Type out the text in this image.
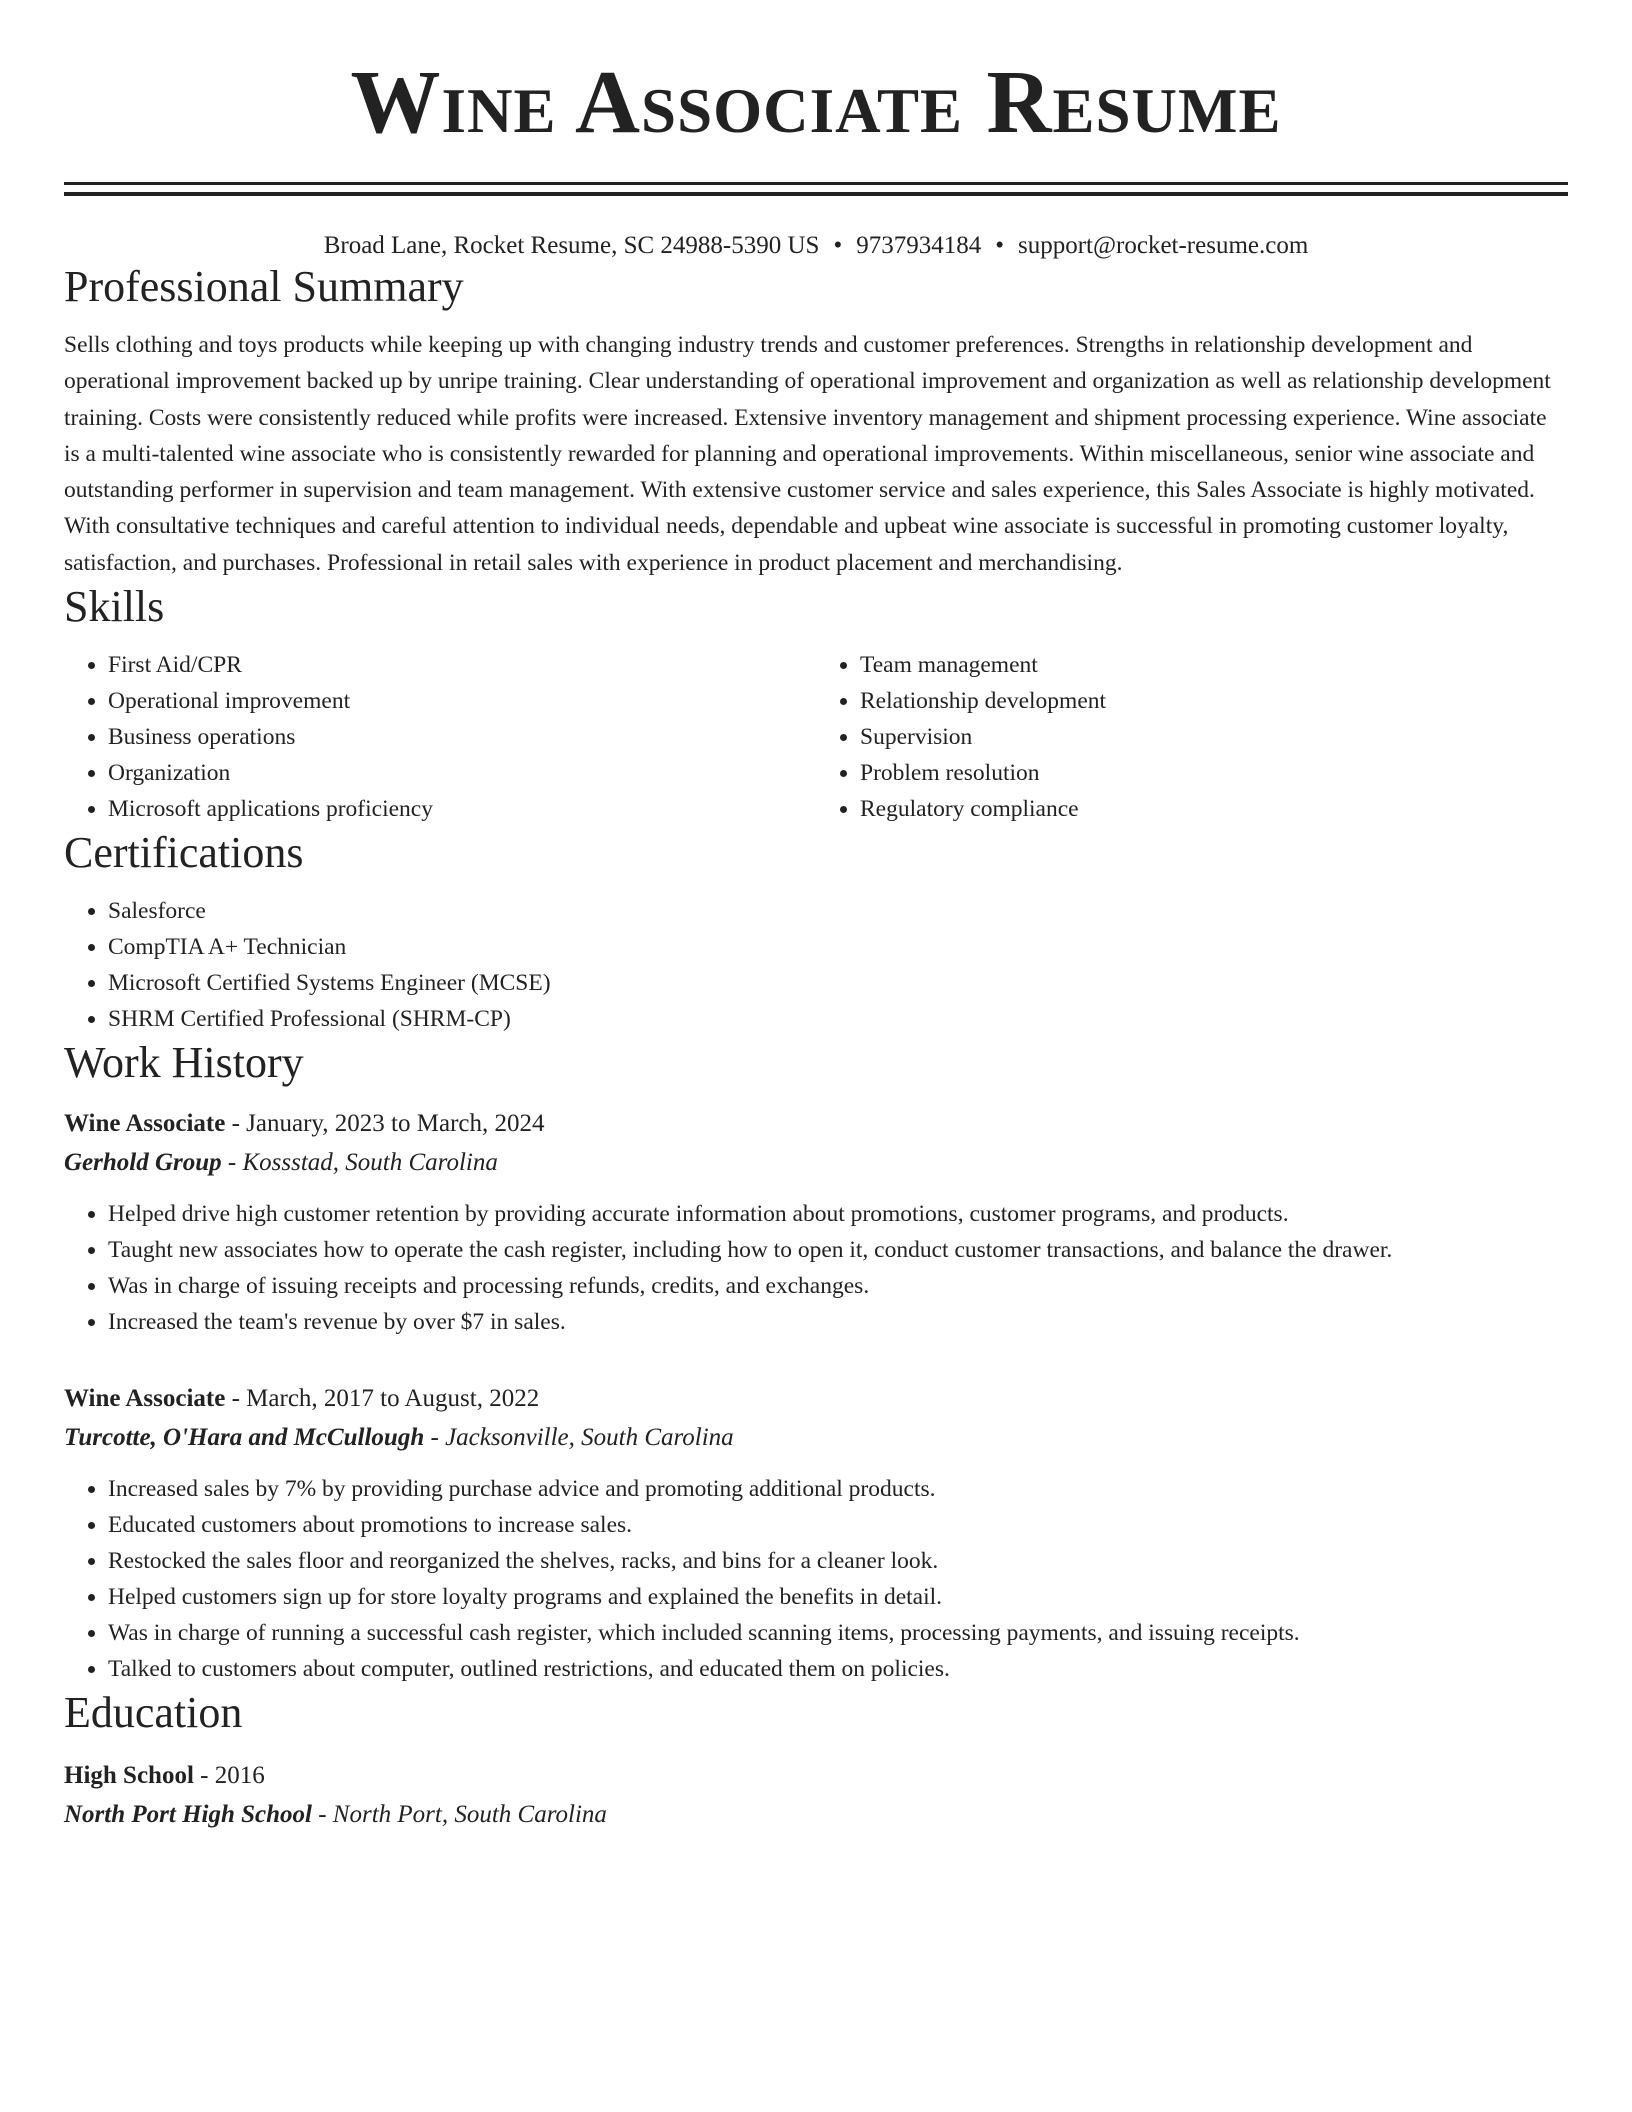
Wine Associate Resume
Broad Lane, Rocket Resume, SC 24988-5390 US • 9737934184 • support@rocket-resume.com
Professional Summary

Sells clothing and toys products while keeping up with changing industry trends and customer preferences. Strengths in relationship development and operational improvement backed up by unripe training. Clear understanding of operational improvement and organization as well as relationship development training. Costs were consistently reduced while profits were increased. Extensive inventory management and shipment processing experience. Wine associate is a multi-talented wine associate who is consistently rewarded for planning and operational improvements. Within miscellaneous, senior wine associate and outstanding performer in supervision and team management. With extensive customer service and sales experience, this Sales Associate is highly motivated. With consultative techniques and careful attention to individual needs, dependable and upbeat wine associate is successful in promoting customer loyalty, satisfaction, and purchases. Professional in retail sales with experience in product placement and merchandising.

Skills
• First Aid/CPR
• Operational improvement
• Business operations
• Organization
• Microsoft applications proficiency
• Team management
• Relationship development
• Supervision
• Problem resolution
• Regulatory compliance
Certifications
• Salesforce
• CompTIA A+ Technician
• Microsoft Certified Systems Engineer (MCSE)
• SHRM Certified Professional (SHRM-CP)
Work History
Wine Associate - January, 2023 to March, 2024
Gerhold Group - Kossstad, South Carolina
• Helped drive high customer retention by providing accurate information about promotions, customer programs, and products.
• Taught new associates how to operate the cash register, including how to open it, conduct customer transactions, and balance the drawer.
• Was in charge of issuing receipts and processing refunds, credits, and exchanges.
• Increased the team's revenue by over $7 in sales.
Wine Associate - March, 2017 to August, 2022
Turcotte, O'Hara and McCullough - Jacksonville, South Carolina
• Increased sales by 7% by providing purchase advice and promoting additional products.
• Educated customers about promotions to increase sales.
• Restocked the sales floor and reorganized the shelves, racks, and bins for a cleaner look.
• Helped customers sign up for store loyalty programs and explained the benefits in detail.
• Was in charge of running a successful cash register, which included scanning items, processing payments, and issuing receipts.
• Talked to customers about computer, outlined restrictions, and educated them on policies.
Education
High School - 2016
North Port High School - North Port, South Carolina
